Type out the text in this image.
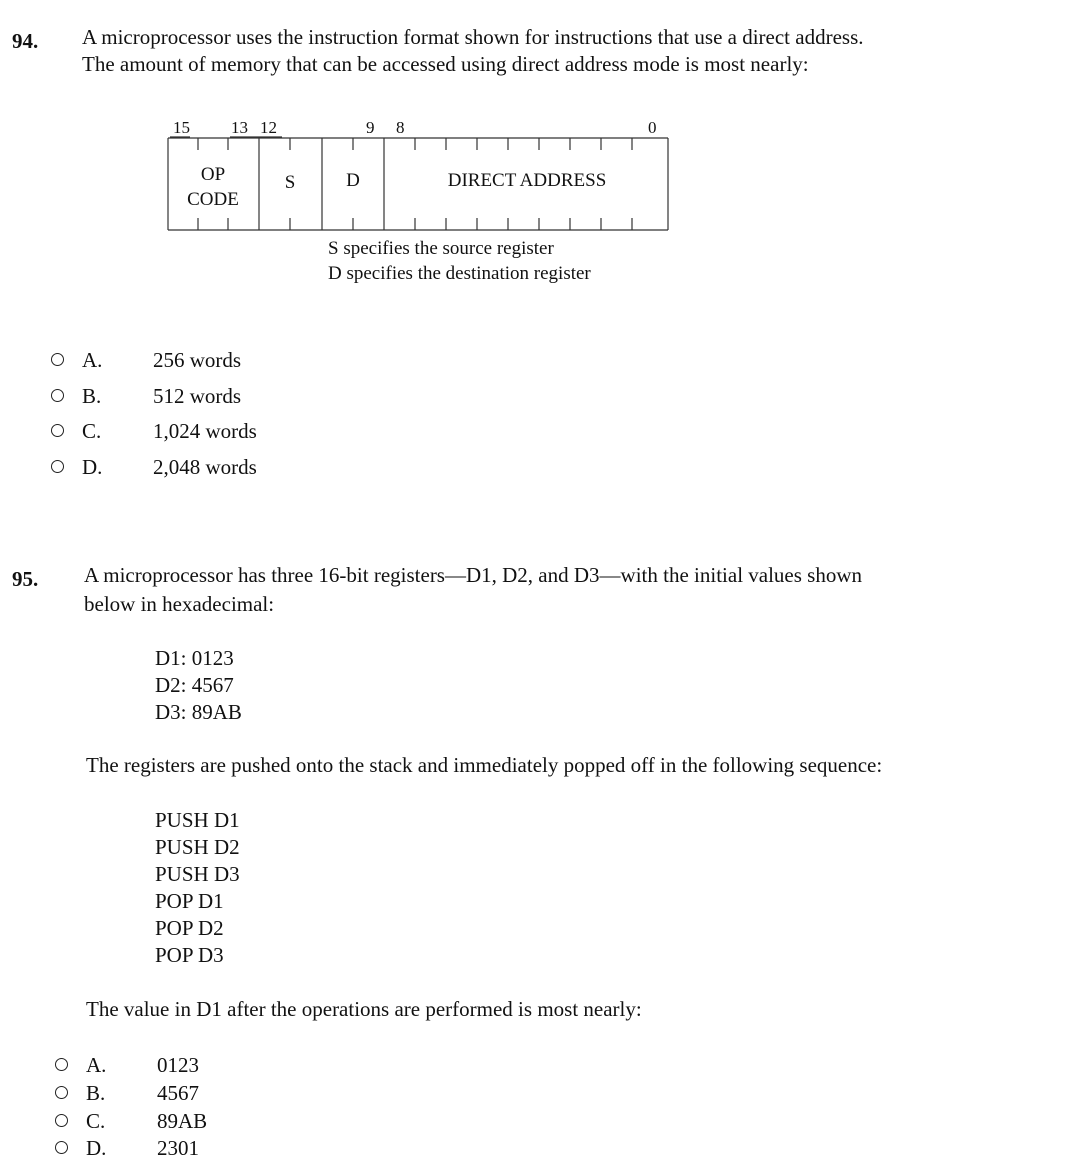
94. A microprocessor uses the instruction format shown for instructions that use a direct address.
The amount of memory that can be accessed using direct address mode is most nearly:
15 13 12	9 8	0
OP
CODE
S	D	DIRECT ADDRESS
S specifies the source register
D specifies the destination register
A. 256 words
B. 512 words
C. 1,024 words
D. 2,048 words
95. A microprocessor has three 16-bit registers—D1, D2, and D3—with the initial values shown
below in hexadecimal:
D1: 0123
D2: 4567
D3: 89AB
The registers are pushed onto the stack and immediately popped off in the following sequence:
PUSH D1
PUSH D2
PUSH D3
POP D1
POP D2
POP D3
The value in D1 after the operations are performed is most nearly:
A. 0123
B. 4567
C. 89AB
D. 2301
